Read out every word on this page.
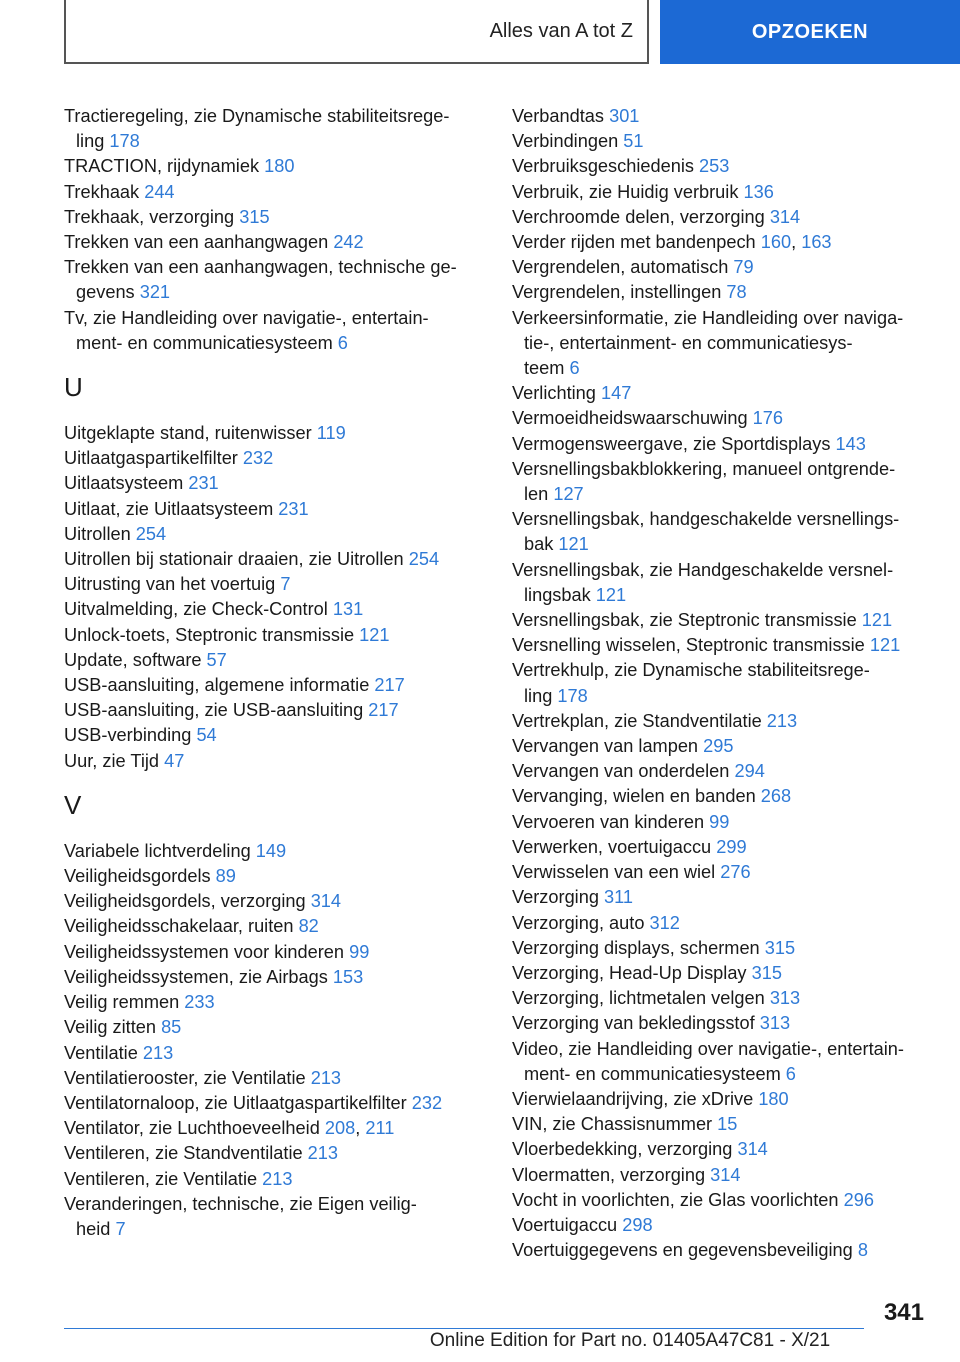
Alles van A tot Z	OPZOEKEN

Tractieregeling, zie Dynamische stabiliteitsrege-
ling 178

TRACTION, rijdynamiek 180

Trekhaak 244

Trekhaak, verzorging 315

Trekken van een aanhangwagen 242

Trekken van een aanhangwagen, technische ge-
gevens 321

Tv, zie Handleiding over navigatie-, entertain-
ment- en communicatiesysteem 6

U

Uitgeklapte stand, ruitenwisser 119

Uitlaatgaspartikelfilter 232

Uitlaatsysteem 231

Uitlaat, zie Uitlaatsysteem 231

Uitrollen 254

Uitrollen bij stationair draaien, zie Uitrollen 254

Uitrusting van het voertuig 7

Uitvalmelding, zie Check-Control 131

Unlock-toets, Steptronic transmissie 121

Update, software 57

USB-aansluiting, algemene informatie 217

USB-aansluiting, zie USB-aansluiting 217

USB-verbinding 54

Uur, zie Tijd 47

V

Variabele lichtverdeling 149

Veiligheidsgordels 89

Veiligheidsgordels, verzorging 314

Veiligheidsschakelaar, ruiten 82

Veiligheidssystemen voor kinderen 99

Veiligheidssystemen, zie Airbags 153

Veilig remmen 233

Veilig zitten 85

Ventilatie 213

Ventilatierooster, zie Ventilatie 213

Ventilatornaloop, zie Uitlaatgaspartikelfilter 232

Ventilator, zie Luchthoeveelheid 208, 211

Ventileren, zie Standventilatie 213

Ventileren, zie Ventilatie 213

Veranderingen, technische, zie Eigen veilig-
heid 7

Verbandtas 301

Verbindingen 51

Verbruiksgeschiedenis 253

Verbruik, zie Huidig verbruik 136

Verchroomde delen, verzorging 314

Verder rijden met bandenpech 160, 163

Vergrendelen, automatisch 79

Vergrendelen, instellingen 78

Verkeersinformatie, zie Handleiding over naviga-
tie-, entertainment- en communicatiesys-
teem 6

Verlichting 147

Vermoeidheidswaarschuwing 176

Vermogensweergave, zie Sportdisplays 143

Versnellingsbakblokkering, manueel ontgrende-
len 127

Versnellingsbak, handgeschakelde versnellings-
bak 121

Versnellingsbak, zie Handgeschakelde versnel-
lingsbak 121

Versnellingsbak, zie Steptronic transmissie 121

Versnelling wisselen, Steptronic transmissie 121

Vertrekhulp, zie Dynamische stabiliteitsrege-
ling 178

Vertrekplan, zie Standventilatie 213

Vervangen van lampen 295

Vervangen van onderdelen 294

Vervanging, wielen en banden 268

Vervoeren van kinderen 99

Verwerken, voertuigaccu 299

Verwisselen van een wiel 276

Verzorging 311

Verzorging, auto 312

Verzorging displays, schermen 315

Verzorging, Head-Up Display 315

Verzorging, lichtmetalen velgen 313

Verzorging van bekledingsstof 313

Video, zie Handleiding over navigatie-, entertain-
ment- en communicatiesysteem 6

Vierwielaandrijving, zie xDrive 180

VIN, zie Chassisnummer 15

Vloerbedekking, verzorging 314

Vloermatten, verzorging 314

Vocht in voorlichten, zie Glas voorlichten 296

Voertuigaccu 298

Voertuiggegevens en gegevensbeveiliging 8

341
Online Edition for Part no. 01405A47C81 - X/21
